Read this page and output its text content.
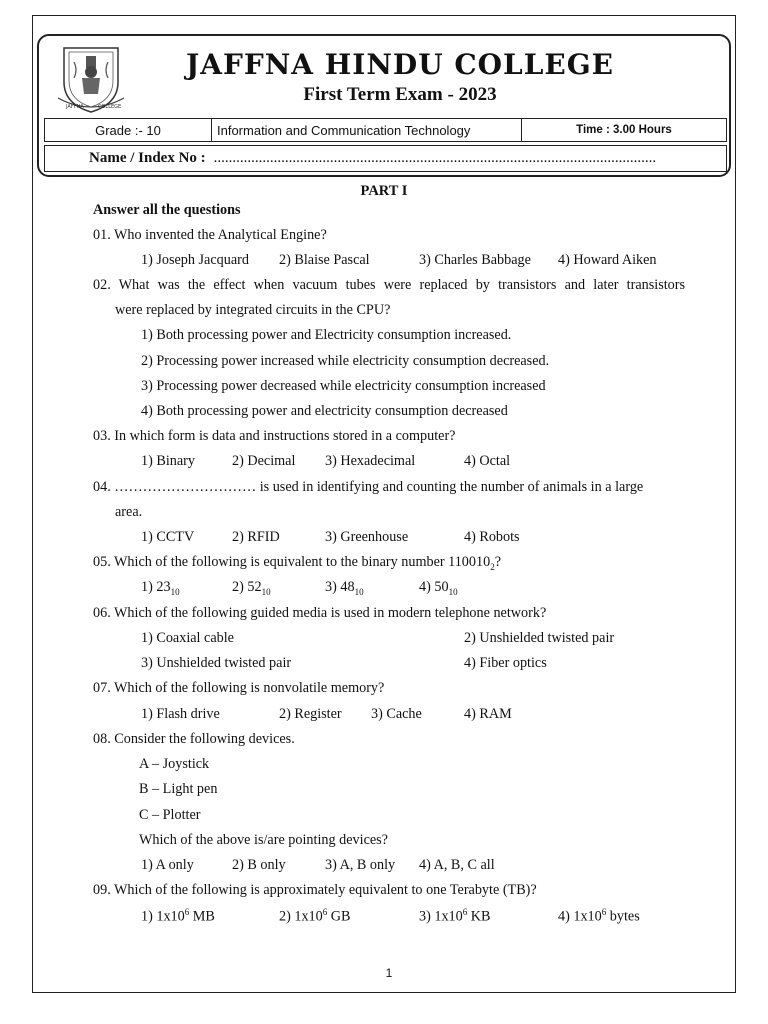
JAFFNA	COLLEGE
JAFFNA HINDU COLLEGE
First Term Exam - 2023
Grade :- 10	Information and Communication Technology	Time : 3.00 Hours
Name / Index No : ......................................................................................................................
PART I
Answer all the questions
01. Who invented the Analytical Engine?
1) Joseph Jacquard 2) Blaise Pascal	3) Charles Babbage 4) Howard Aiken
02. What was the effect when vacuum tubes were replaced by transistors and later transistors
were replaced by integrated circuits in the CPU?
1) Both processing power and Electricity consumption increased.
2) Processing power increased while electricity consumption decreased.
3) Processing power decreased while electricity consumption increased
4) Both processing power and electricity consumption decreased
03. In which form is data and instructions stored in a computer?
1) Binary	2) Decimal 3) Hexadecimal	4) Octal
04. ………………………… is used in identifying and counting the number of animals in a large
area.
1) CCTV	2) RFID	3) Greenhouse	4) Robots
05. Which of the following is equivalent to the binary number $110010_2$?
1) $23_{10}$	2) $52_{10}$	3) $48_{10}$	4) $50_{10}$
06. Which of the following guided media is used in modern telephone network?
1) Coaxial cable	2) Unshielded twisted pair
3) Unshielded twisted pair	4) Fiber optics
07. Which of the following is nonvolatile memory?
1) Flash drive	2) Register 3) Cache	4) RAM
08. Consider the following devices.
A – Joystick
B – Light pen
C – Plotter
Which of the above is/are pointing devices?
1) A only	2) B only	3) A, B only 4) A, B, C all
09. Which of the following is approximately equivalent to one Terabyte (TB)?
1) $1x10^6$ MB	2) $1x10^6$ GB	3) $1x10^6$ KB	4) $1x10^6$ bytes
1
